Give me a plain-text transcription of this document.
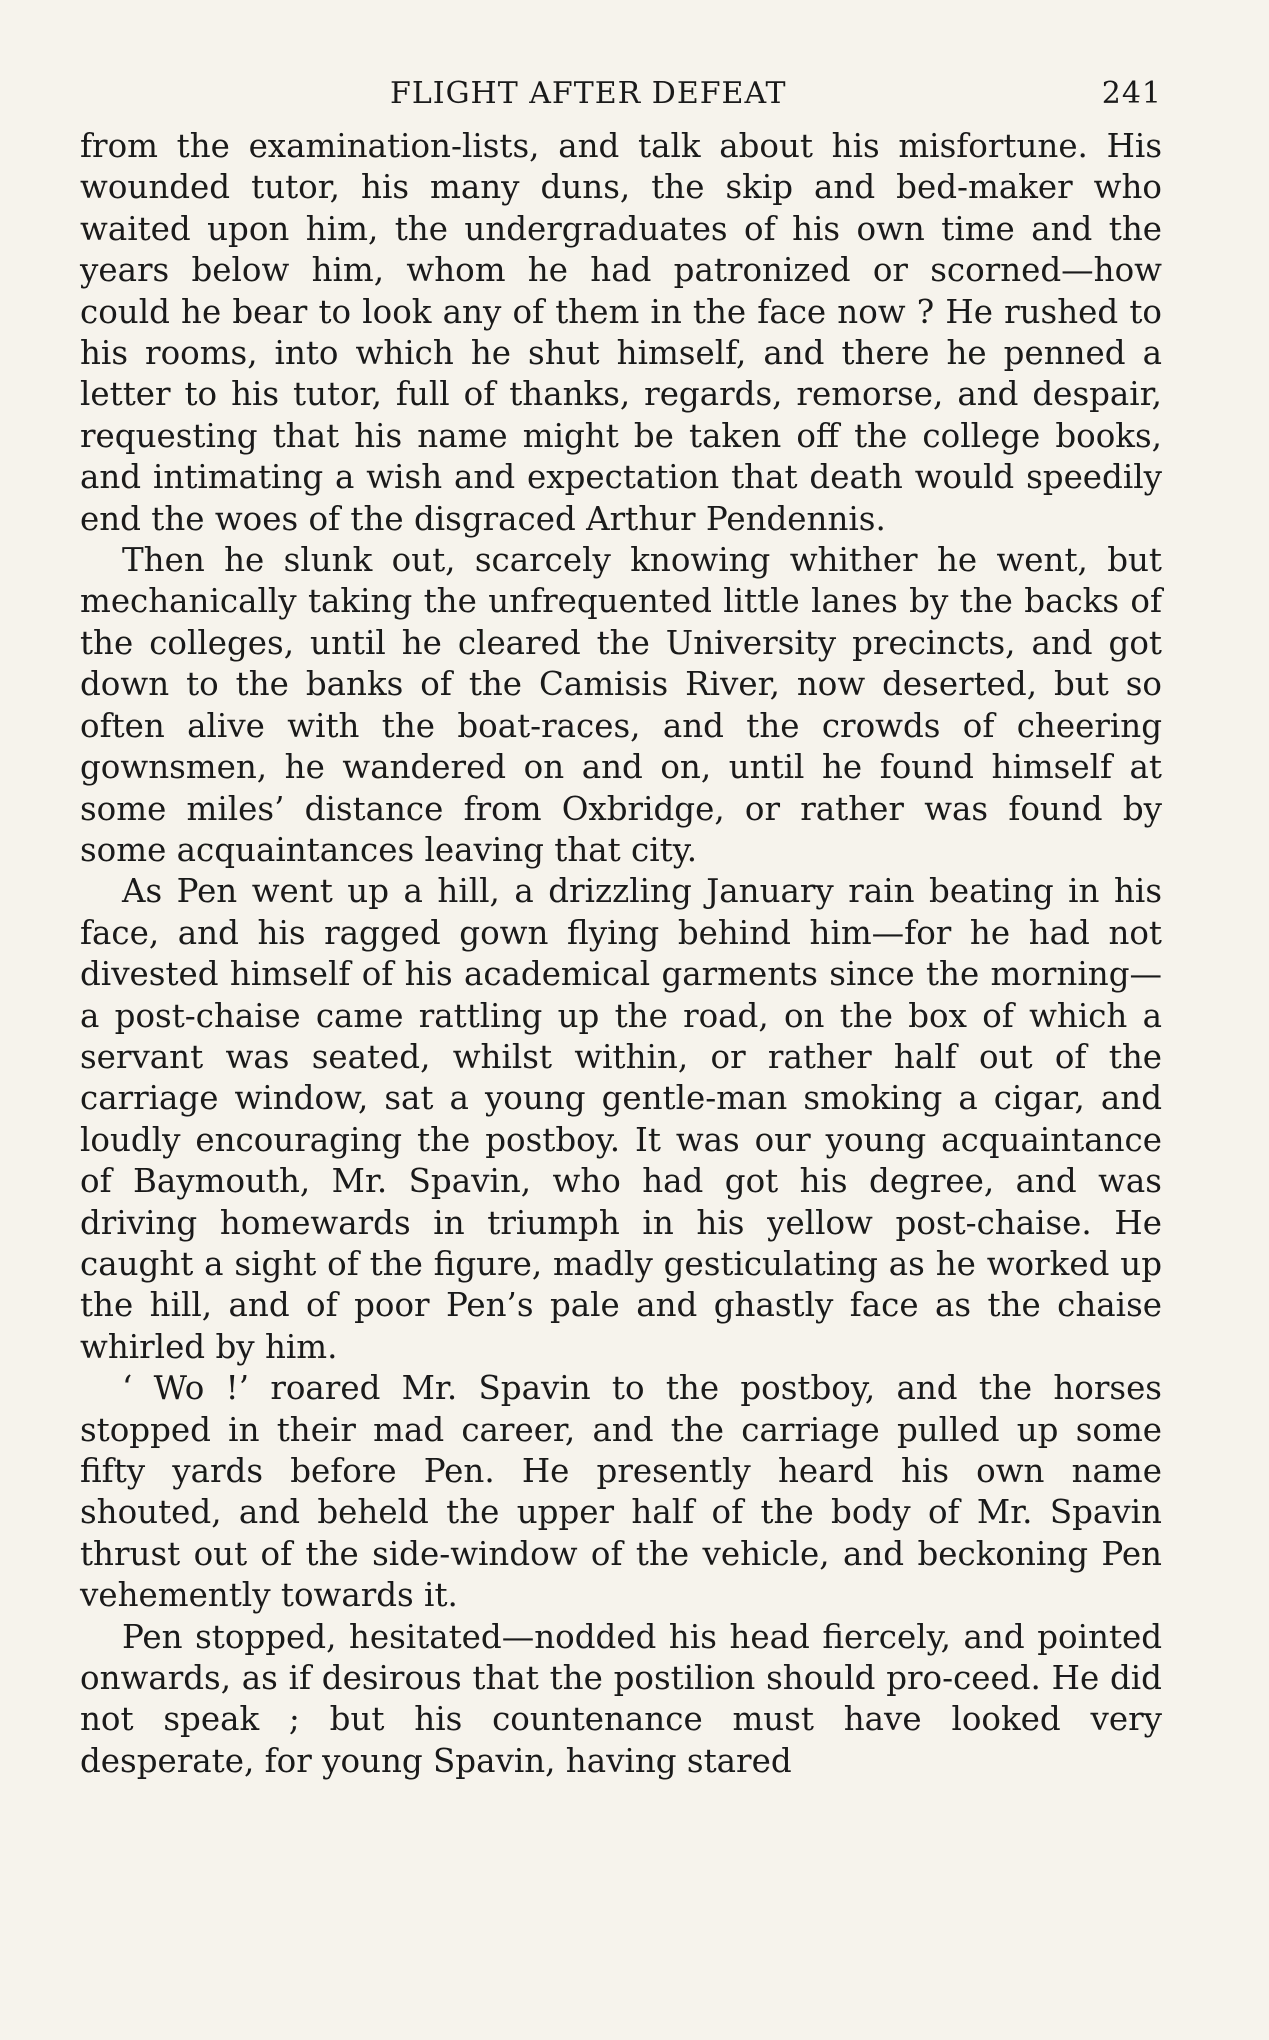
FLIGHT AFTER DEFEAT	241

from the examination-lists, and talk about his misfortune. His wounded tutor, his many duns, the skip and bed-maker who waited upon him, the undergraduates of his own time and the years below him, whom he had patronized or scorned—how could he bear to look any of them in the face now ? He rushed to his rooms, into which he shut himself, and there he penned a letter to his tutor, full of thanks, regards, remorse, and despair, requesting that his name might be taken off the college books, and intimating a wish and expectation that death would speedily end the woes of the disgraced Arthur Pendennis.

Then he slunk out, scarcely knowing whither he went, but mechanically taking the unfrequented little lanes by the backs of the colleges, until he cleared the University precincts, and got down to the banks of the Camisis River, now deserted, but so often alive with the boat-races, and the crowds of cheering gownsmen, he wandered on and on, until he found himself at some miles’ distance from Oxbridge, or rather was found by some acquaintances leaving that city.

As Pen went up a hill, a drizzling January rain beating in his face, and his ragged gown flying behind him—for he had not divested himself of his academical garments since the morning—a post-chaise came rattling up the road, on the box of which a servant was seated, whilst within, or rather half out of the carriage window, sat a young gentle-man smoking a cigar, and loudly encouraging the postboy. It was our young acquaintance of Baymouth, Mr. Spavin, who had got his degree, and was driving homewards in triumph in his yellow post-chaise. He caught a sight of the figure, madly gesticulating as he worked up the hill, and of poor Pen’s pale and ghastly face as the chaise whirled by him.

‘ Wo !’ roared Mr. Spavin to the postboy, and the horses stopped in their mad career, and the carriage pulled up some fifty yards before Pen. He presently heard his own name shouted, and beheld the upper half of the body of Mr. Spavin thrust out of the side-window of the vehicle, and beckoning Pen vehemently towards it.

Pen stopped, hesitated—nodded his head fiercely, and pointed onwards, as if desirous that the postilion should pro-ceed. He did not speak ; but his countenance must have looked very desperate, for young Spavin, having stared
